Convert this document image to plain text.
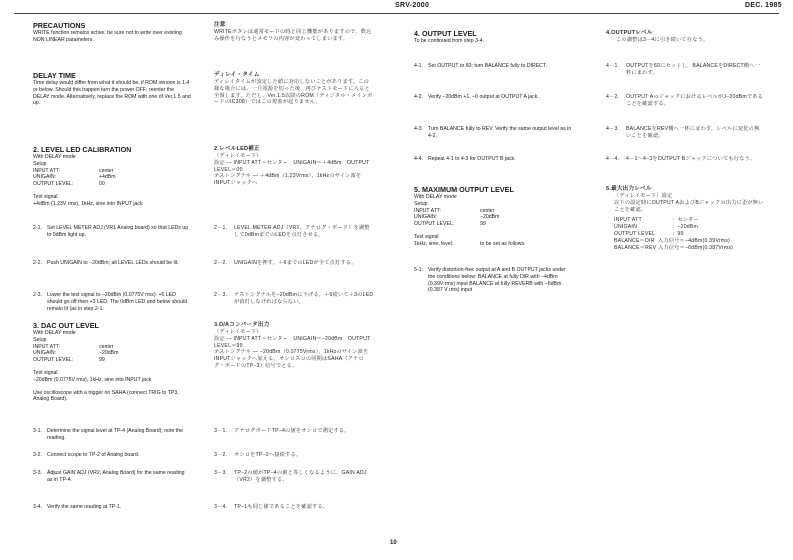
SRV-2000	DEC. 1985
PRECAUTIONS

WRITE function remains active; be sure not to write over existing NON LINEAR parameters.

DELAY TIME

Time delay would differ from what it should be, if ROM version is 1.4 or below. Should this happen turn the power OFF; reenter the DELAY mode. Alternatively, replace the ROM with one of Ver.1.5 and up.

2. LEVEL LED CALIBRATION

With DELAY mode

Setup

INPUT ATT:	center
UNIGAIN:	+4dBm
OUTPUT LEVEL:	00

Test signal

+4dBm (1.23V rms), 1kHz, sine into INPUT jack

2-1. Set LEVEL METER ADJ (VR1 Analog board) so that LEDs up to 0dBm light up.
2-2. Push UNIGAIN to −20dBm; all LEVEL LEDs should be lit.
2-3. Lower the test signal to −20dBm (0.0775V rms): +6 LED should go off then +3 LED. The 0dBm LED and below should remain lit (as in step 2-1.
3. DAC OUT LEVEL

With DELAY mode

Setup

INPUT ATT:	center
UNIGAIN:	−20dBm
OUTPUT LEVEL:	99

Test signal

−20dBm (0.0775V rms), 1kHz, sine into INPUT jack

Use oscilloscope with a trigger on SAHA (connect TRIG to TP3, Analog Board).

3-1. Determine the signal level at TP-4 (Analog Board); note the reading.
3-2. Connect scope to TP-2 of Analog board.
3-3. Adjust GAIN ADJ (VR2, Analog Board) for the same reading as in TP-4.
3-4. Verify the same reading at TP-1.
注意

WRITEボタンは通常モードの時と同じ機能がありますので、数込み操作を行なうとメモリの内容が変わってしまいます。

ディレイ・タイム

ディレイタイムが設定した値に対応しないことがあります。この様な場合には、一旦電源を切った後、再びテストモードに入ると全復します。ただし、Ver.1.5以降のROM（ディジタル・メインボードのIC308）ではこの現象が起りません。

2.レベルLED補正

（ディレイモード）

設定 — INPUT ATT＝センター　UNIGAIN＝＋4dBm　OUTPUT LEVEL＝00

テストシグナル — ＋4dBm（1.23Vrms），1kHzのサイン波をINPUTジャックへ

2－1.	LEVEL METER ADJ（VR1，アナログ・ボード）を調整して0dBmまでのLEDを点灯させる。
2－2.	UNIGAINを押す。＋6までのLEDが全て点灯する。
2－3.	テストシグナルを−20dBmに下げる。＋6続いて＋3のLEDが消灯しなければならない。
3.D/Aコンバータ出力

（ディレイモード）

設定 — INPUT ATT＝センター　UNIGAIN＝−20dBm　OUTPUT LEVEL＝99

テストシグナル — −20dBm（0.0775Vrms），1kHzのサイン波をINPUTジャックへ加える。オシロスコの同期はSAHA（アナログ・ボードのTP−3）信号でとる。

3－1.	アナログボードTP−4の値をオシロで測定する。
3－2.	オシロをTP−2へ接続する。
3－3.	TP−2の値がTP−4の値と等しくなるように、GAIN ADJ（VR2）を調整する。
3－4.	TP−1も同じ値であることを確認する。
4. OUTPUT LEVEL

To be continued from step 3-4.

4-1. Set OUTPUT to 60; turn BALANCE fully to DIRECT.
4-2. Verify −20dBm +1, −0 output at OUTPUT A jack.
4-3. Turn BALANCE fully to REV. Verify the same output level as in 4-2.
4-4. Repeat 4-1 to 4-3 for OUTPUT B jack.
5. MAXIMUM OUTPUT LEVEL

With DELAY mode

Setup

INPUT ATT:	center
UNIGAIN:	−20dBm
OUTPUT LEVEL:	99

Test signal

1kHz, sine, level:	to be set as follows
5-1. Verify distortion-free output at A and B OUTPUT jacks under the conditions below: BALANCE at fully DIR with −4dBm (0.39V rms) input BALANCE at fully REVERB with −6dBm (0.387 V rms) input
4.OUTPUTレベル

この調整は3－4に引き続いて行なう。

4－1.	OUTPUTを60にセットし，BALANCEをDIRECT側へ一杯にまわす。
4－2.	OUTPUT AのジャックにおけるレベルがJ−20dBmであることを確認する。
4－3.	BALANCEをREV側へ一杯にまわす。レベルに変化の無いことを確認。
4－4.	4－1〜4−3をOUTPUT Bジャックについても行なう。
5.最大出力レベル

（ディレイモード）設定

以下の設定時にOUTPUT AおよびBジャックの出力に歪が無いことを確認。

INPUT ATT	：センター
UNIGAIN	：−20dBm
OUTPUT LEVEL	：99
BALANCE＝DIR 入力信号＝−4dBm(0.39Vrms)
BALANCE＝REV 入力信号＝−6dBm(0.387Vrms)
10
